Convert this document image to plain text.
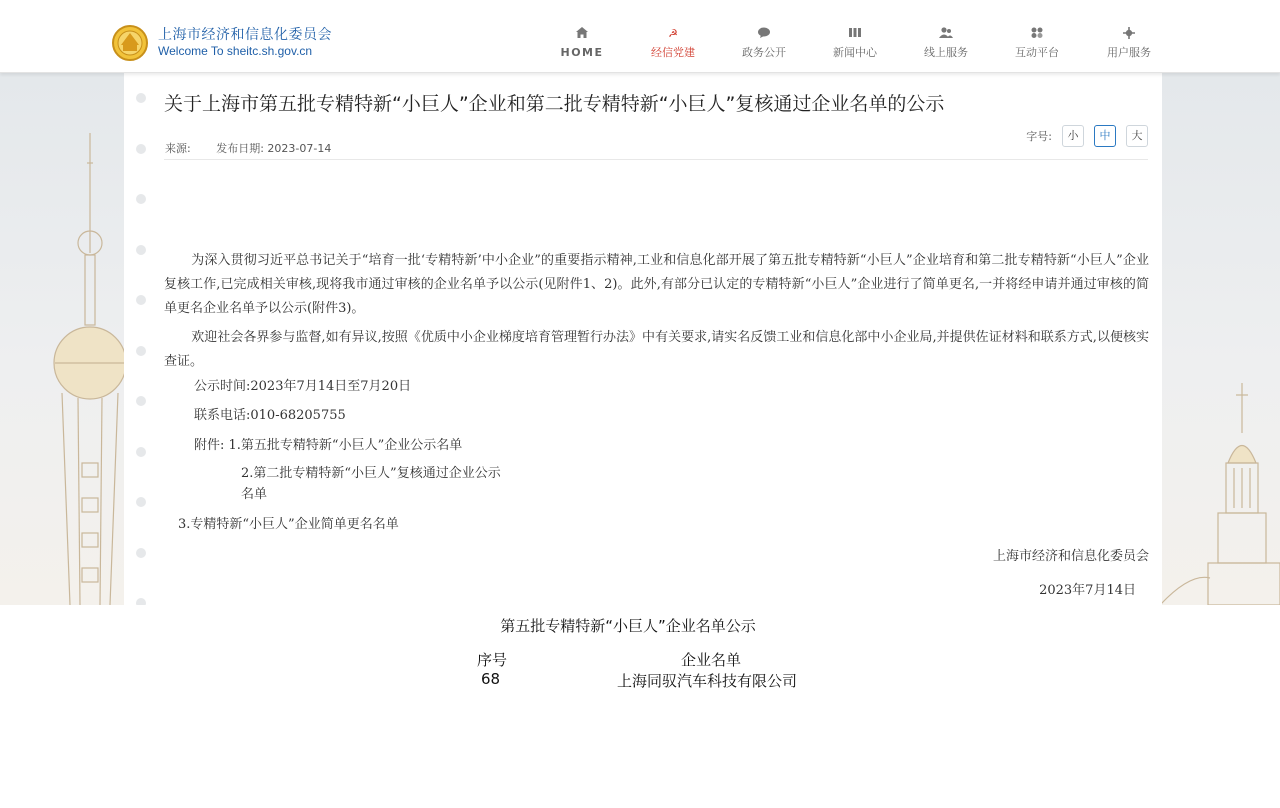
上海市经济和信息化委员会
Welcome To sheitc.sh.gov.cn	HOME
☭
经信党建	政务公开	新闻中心	线上服务	互动平台	用户服务
关于上海市第五批专精特新“小巨人”企业和第二批专精特新“小巨人”复核通过企业名单的公示
来源: 发布日期: 2023-07-14
字号:	小	中	大

为深入贯彻习近平总书记关于“培育一批‘专精特新’中小企业”的重要指示精神,工业和信息化部开展了第五批专精特新“小巨人”企业培育和第二批专精特新“小巨人”企业复核工作,已完成相关审核,现将我市通过审核的企业名单予以公示(见附件1、2)。此外,有部分已认定的专精特新“小巨人”企业进行了简单更名,一并将经申请并通过审核的简单更名企业名单予以公示(附件3)。

欢迎社会各界参与监督,如有异议,按照《优质中小企业梯度培育管理暂行办法》中有关要求,请实名反馈工业和信息化部中小企业局,并提供佐证材料和联系方式,以便核实查证。

公示时间:2023年7月14日至7月20日
联系电话:010-68205755
附件: 1.第五批专精特新“小巨人”企业公示名单
2.第二批专精特新“小巨人”复核通过企业公示
名单
3.专精特新“小巨人”企业简单更名名单
上海市经济和信息化委员会
2023年7月14日
第五批专精特新“小巨人”企业名单公示
序号	企业名单
68	上海同驭汽车科技有限公司
